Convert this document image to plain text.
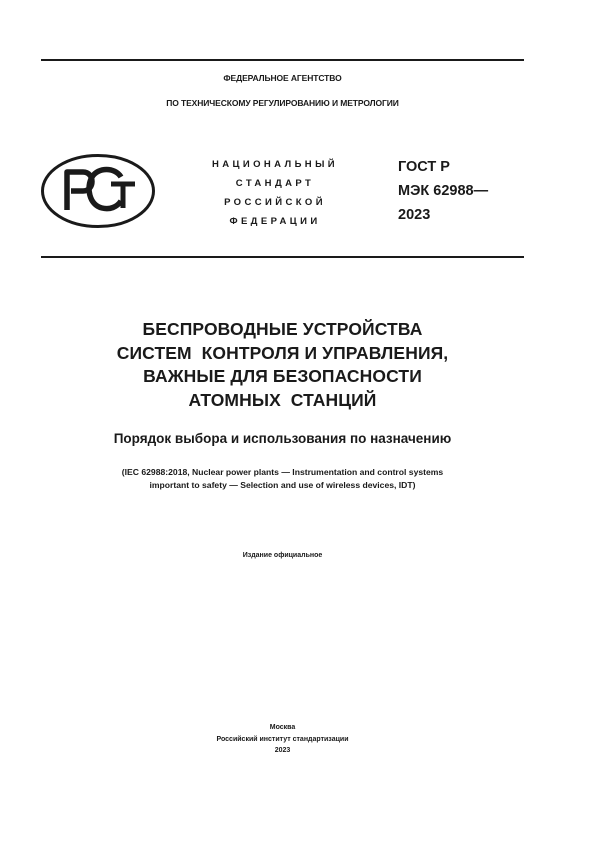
ФЕДЕРАЛЬНОЕ АГЕНТСТВО
ПО ТЕХНИЧЕСКОМУ РЕГУЛИРОВАНИЮ И МЕТРОЛОГИИ
НАЦИОНАЛЬНЫЙ
СТАНДАРТ
РОССИЙСКОЙ
ФЕДЕРАЦИИ
ГОСТ Р
МЭК 62988—
2023
БЕСПРОВОДНЫЕ УСТРОЙСТВА
СИСТЕМ  КОНТРОЛЯ И УПРАВЛЕНИЯ,
ВАЖНЫЕ ДЛЯ БЕЗОПАСНОСТИ
АТОМНЫХ  СТАНЦИЙ
Порядок выбора и использования по назначению
(IEC 62988:2018, Nuclear power plants — Instrumentation and control systems
important to safety — Selection and use of wireless devices, IDT)
Издание официальное
Москва
Российский институт стандартизации
2023
